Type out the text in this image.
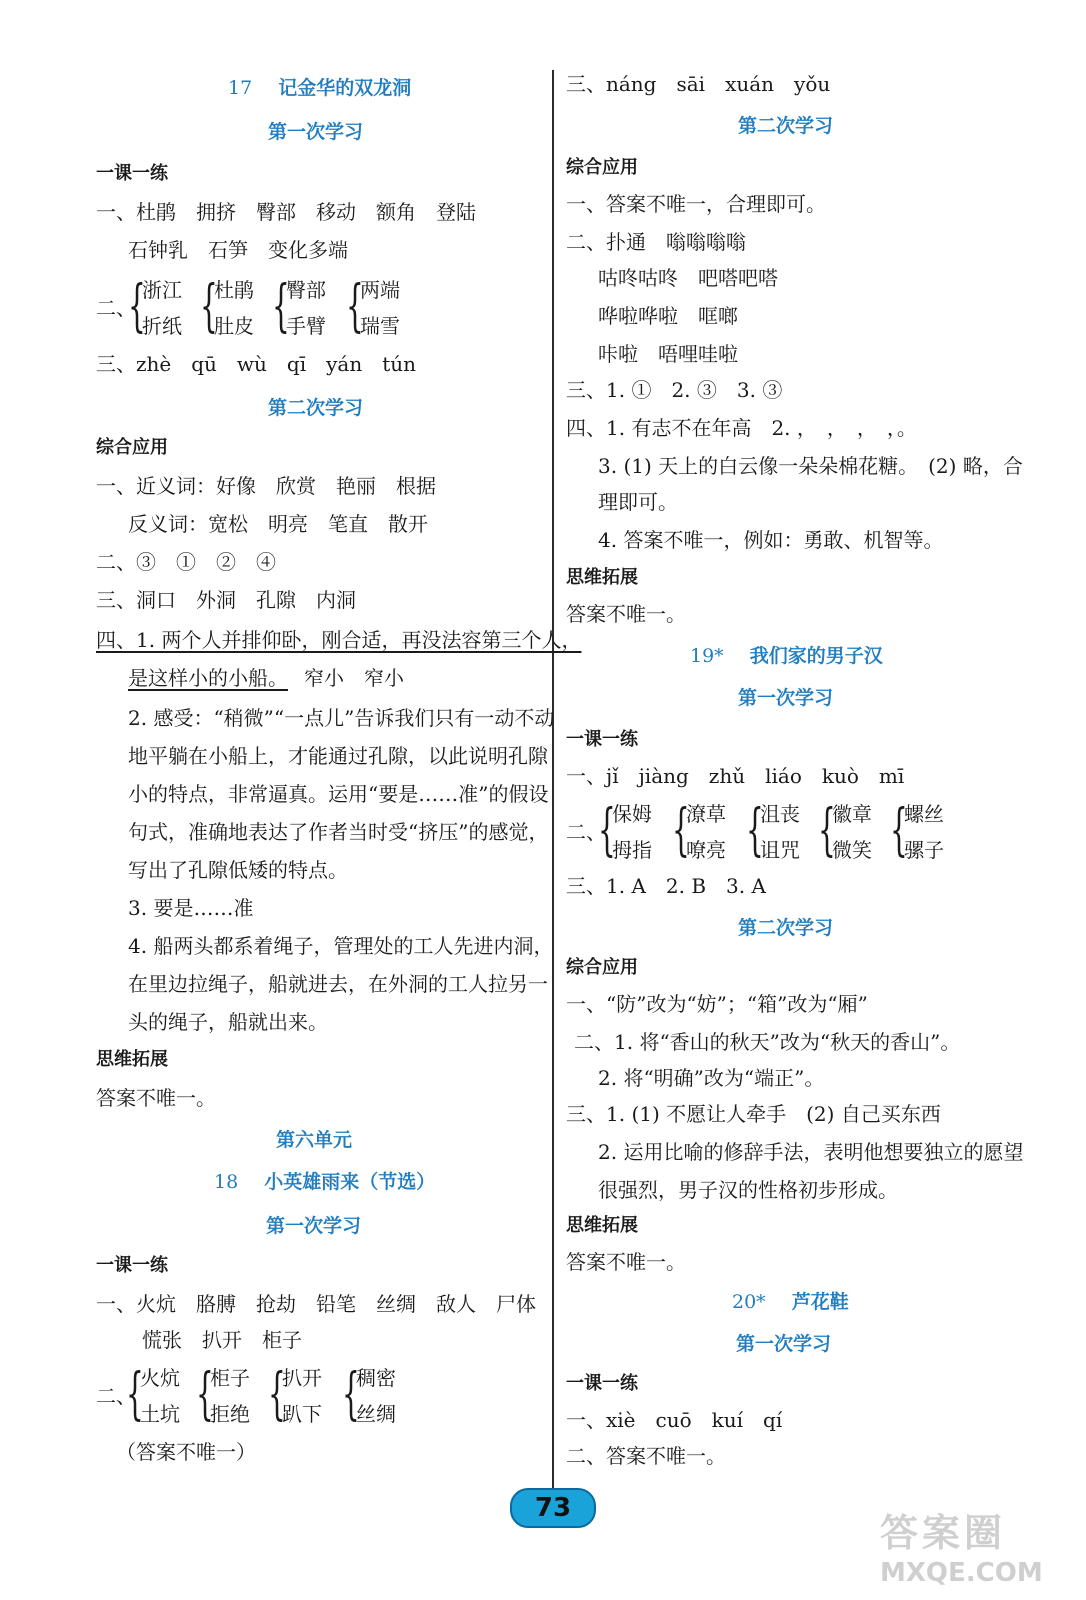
17 记金华的双龙洞
第一次学习
一课一练
一、杜鹃　拥挤　臀部　移动　额角　登陆
石钟乳　石笋　变化多端
二、
{
浙江
折纸 {
杜鹃
肚皮 {
臀部
手臂 {
两端
瑞雪
三、zhè　qū　wù　qī　yán　tún
第二次学习
综合应用
一、近义词：好像　欣赏　艳丽　根据
反义词：宽松　明亮　笔直　散开
二、③　①　②　④
三、洞口　外洞　孔隙　内洞
四、1. 两个人并排仰卧，刚合适，再没法容第三个人，
是这样小的小船。 窄小　窄小
2. 感受：“稍微”“一点儿”告诉我们只有一动不动
地平躺在小船上，才能通过孔隙，以此说明孔隙
小的特点，非常逼真。运用“要是……准”的假设
句式，准确地表达了作者当时受“挤压”的感觉，
写出了孔隙低矮的特点。
3. 要是……准
4. 船两头都系着绳子，管理处的工人先进内洞，
在里边拉绳子，船就进去，在外洞的工人拉另一
头的绳子，船就出来。
思维拓展
答案不唯一。
第六单元
18 小英雄雨来（节选）
第一次学习
一课一练
一、火炕　胳膊　抢劫　铅笔　丝绸　敌人　尸体
慌张　扒开　柜子
二、
{
火炕
土坑 {
柜子
拒绝 {
扒开
趴下 {
稠密
丝绸
（答案不唯一）
三、náng　sāi　xuán　yǒu
第二次学习
综合应用
一、答案不唯一，合理即可。
二、扑通　嗡嗡嗡嗡
咕咚咕咚　吧嗒吧嗒
哗啦哗啦　哐啷
咔啦　唔哩哇啦
三、1. ①　2. ③　3. ③
四、1. 有志不在年高　2. ，　，　，　，。
3. (1) 天上的白云像一朵朵棉花糖。　(2) 略，合
理即可。
4. 答案不唯一，例如：勇敢、机智等。
思维拓展
答案不唯一。
19* 我们家的男子汉
第一次学习
一课一练
一、jǐ　jiàng　zhǔ　liáo　kuò　mī
二、
{
保姆
拇指 {
潦草
嘹亮 {
沮丧
诅咒 {
徽章
微笑 {
螺丝
骡子
三、1. A　2. B　3. A
第二次学习
综合应用
一、“防”改为“妨”；“箱”改为“厢”
二、1. 将“香山的秋天”改为“秋天的香山”。
2. 将“明确”改为“端正”。
三、1. (1) 不愿让人牵手　(2) 自己买东西
2. 运用比喻的修辞手法，表明他想要独立的愿望
很强烈，男子汉的性格初步形成。
思维拓展
答案不唯一。
20* 芦花鞋
第一次学习
一课一练
一、xiè　cuō　kuí　qí
二、答案不唯一。
73
答案圈
MXQE.COM
